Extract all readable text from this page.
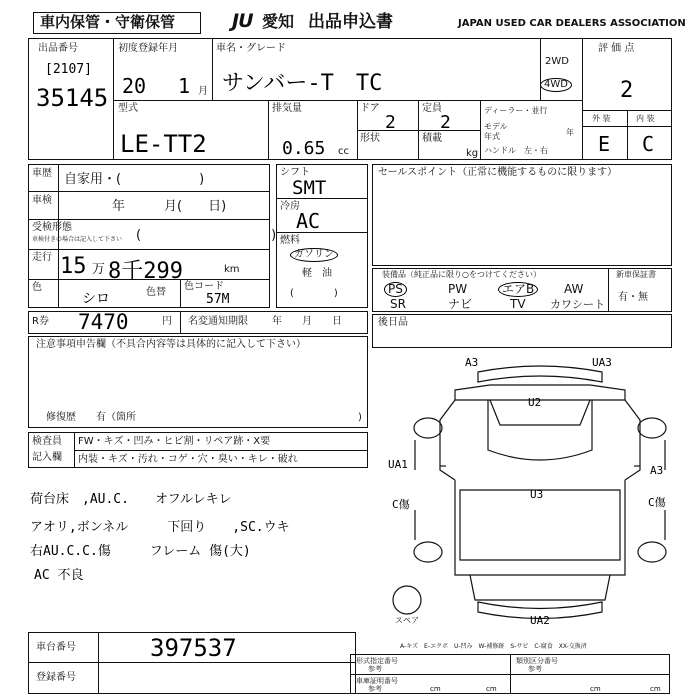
車内保管・守衛保管	JU 愛知 出品申込書	JAPAN USED CAR DEALERS ASSOCIATION
出品番号
[2107]
35145
初度登録年月
20 1 月
車名・グレード
サンバー-T　TC
2WD
4WD
評 価 点
2
型式
LE-TT2
排気量
0.65 cc
ドア
2
定員
2
形状	積載
kg
ディーラー・並行
モデル
年式	年
ハンドル　左・右
外 装	内 装
E C
車歴 自家用・(　　　　　　)
車検	年　　　月(　　日)
受検形態
車検付きの場合は記入して下さい (　　　　　　　　　　)
走行 15 万 8千299	km
色
シロ	色替
色コード
57M
R券 7470	円 名変通知期限 年　　月　　日
注意事項申告欄（不具合内容等は具体的に記入して下さい）
修復歴　　有（箇所	)
検査員
記入欄
FW・キズ・凹み・ヒビ割・リペア跡・X要
内装・キズ・汚れ・コゲ・穴・臭い・キレ・破れ
荷台床　,AU.C.　　オフルレキレ
アオリ,ボンネル　　　下回り　　,SC.ウキ
右AU.C.C.傷　　　フレーム 傷(大)
AC 不良
車台番号	397537
登録番号
シフト
SMT
冷房
AC
燃料
ガソリン
軽　油
(　　　　)
セールスポイント（正常に機能するものに限ります）
装備品（純正品に限り○をつけてください）
PS	PW	エアB	AW
SR	ナビ	TV カワシート
新車保証書
有・無
後日品
A3	UA3
U2
UA1	A3
C傷
U3
C傷
UA2
スペア
A-キズ　E-エクボ　U-凹み　W-補修跡　S-サビ　C-腐食　XX-交換済
形式指定番号
参考
車庫証明番号
参考	cm	cm
類別区分番号
参考
cm	cm
